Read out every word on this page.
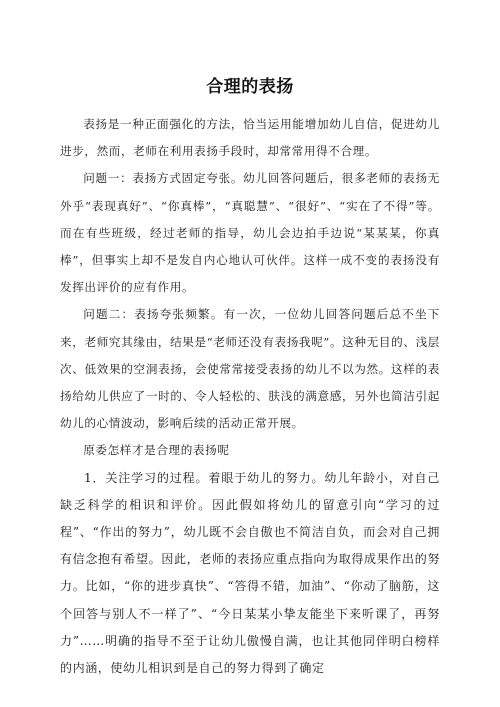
合理的表扬

表扬是一种正面强化的方法，恰当运用能增加幼儿自信，促进幼儿进步，然而，老师在利用表扬手段时，却常常用得不合理。

问题一：表扬方式固定夸张。幼儿回答问题后，很多老师的表扬无外乎“表现真好”、“你真棒”，“真聪慧”、“很好”、“实在了不得”等。而在有些班级，经过老师的指导，幼儿会边拍手边说“某某某，你真棒”，但事实上却不是发自内心地认可伙伴。这样一成不变的表扬没有发挥出评价的应有作用。

问题二：表扬夸张频繁。有一次，一位幼儿回答问题后总不坐下来，老师究其缘由，结果是“老师还没有表扬我呢”。这种无目的、浅层次、低效果的空洞表扬，会使常常接受表扬的幼儿不以为然。这样的表扬给幼儿供应了一时的、令人轻松的、肤浅的满意感，另外也简洁引起幼儿的心情波动，影响后续的活动正常开展。

原委怎样才是合理的表扬呢

1．关注学习的过程。着眼于幼儿的努力。幼儿年龄小，对自己缺乏科学的相识和评价。因此假如将幼儿的留意引向“学习的过程”、“作出的努力”，幼儿既不会自傲也不简洁自负，而会对自己拥有信念抱有希望。因此，老师的表扬应重点指向为取得成果作出的努力。比如，“你的进步真快”、“答得不错，加油”、“你动了脑筋，这个回答与别人不一样了”、“今日某某小挚友能坐下来听课了，再努力”……明确的指导不至于让幼儿傲慢自满，也让其他同伴明白榜样的内涵，使幼儿相识到是自己的努力得到了确定
